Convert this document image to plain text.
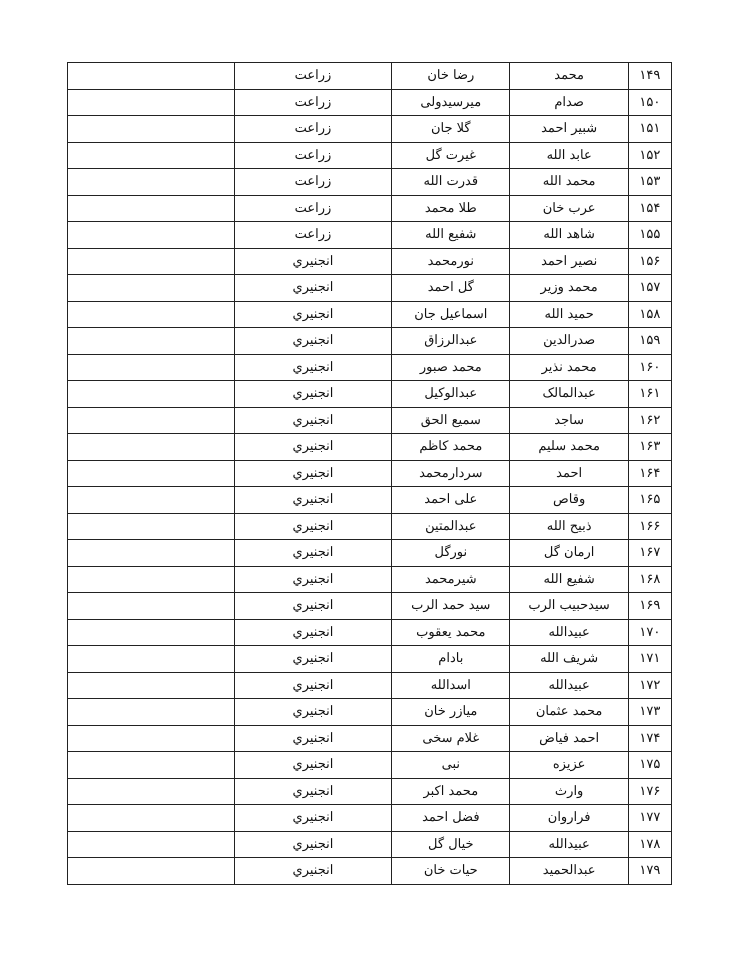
۱۴۹	محمد	رضا خان	زراعت	
۱۵۰	صدام	میرسیدولی	زراعت	
۱۵۱	شبیر احمد	گلا جان	زراعت	
۱۵۲	عابد الله	غیرت گل	زراعت	
۱۵۳	محمد الله	قدرت الله	زراعت	
۱۵۴	عرب خان	طلا محمد	زراعت	
۱۵۵	شاهد الله	شفیع الله	زراعت	
۱۵۶	نصیر احمد	نورمحمد	انجنیري	
۱۵۷	محمد وزیر	گل احمد	انجنیري	
۱۵۸	حمید الله	اسماعیل جان	انجنیري	
۱۵۹	صدرالدین	عبدالرزاق	انجنیري	
۱۶۰	محمد نذیر	محمد صبور	انجنیري	
۱۶۱	عبدالمالک	عبدالوکیل	انجنیري	
۱۶۲	ساجد	سمیع الحق	انجنیري	
۱۶۳	محمد سلیم	محمد کاظم	انجنیري	
۱۶۴	احمد	سردارمحمد	انجنیري	
۱۶۵	وقاص	علی احمد	انجنیري	
۱۶۶	ذبیح الله	عبدالمتین	انجنیري	
۱۶۷	ارمان گل	نورگل	انجنیري	
۱۶۸	شفیع الله	شیرمحمد	انجنیري	
۱۶۹	سیدحبیب الرب	سید حمد الرب	انجنیري	
۱۷۰	عبیدالله	محمد یعقوب	انجنیري	
۱۷۱	شریف الله	بادام	انجنیري	
۱۷۲	عبیدالله	اسدالله	انجنیري	
۱۷۳	محمد عثمان	میازر خان	انجنیري	
۱۷۴	احمد فیاض	غلام سخی	انجنیري	
۱۷۵	عزیزه	نبی	انجنیري	
۱۷۶	وارث	محمد اکبر	انجنیري	
۱۷۷	فراروان	فضل احمد	انجنیري	
۱۷۸	عبیدالله	خیال گل	انجنیري	
۱۷۹	عبدالحمید	حیات خان	انجنیري	
